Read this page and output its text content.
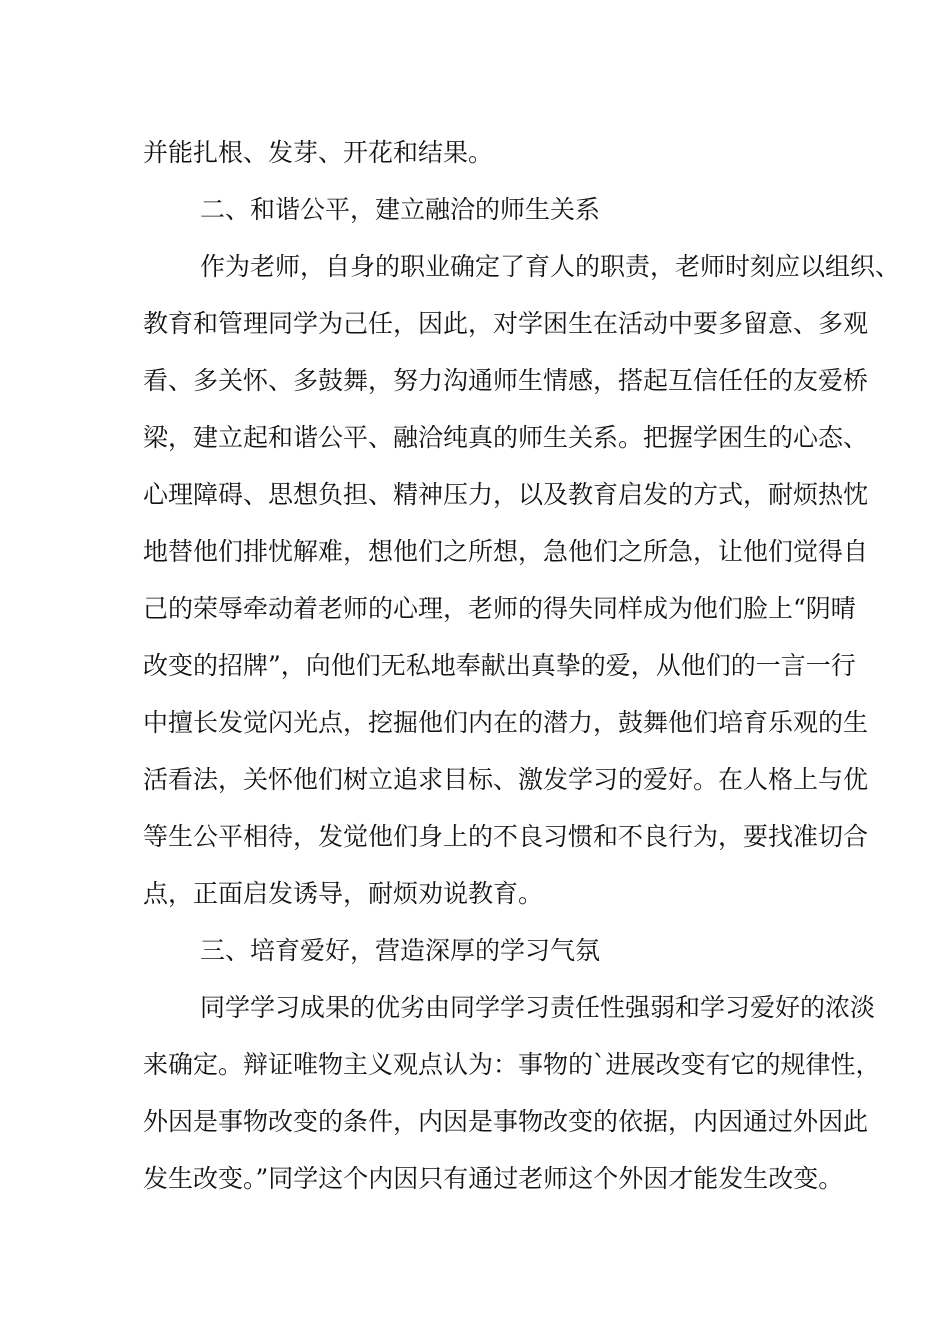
并能扎根、发芽、开花和结果。
二、和谐公平，建立融洽的师生关系
作为老师，自身的职业确定了育人的职责，老师时刻应以组织、
教育和管理同学为己任，因此，对学困生在活动中要多留意、多观
看、多关怀、多鼓舞，努力沟通师生情感，搭起互信任任的友爱桥
梁，建立起和谐公平、融洽纯真的师生关系。把握学困生的心态、
心理障碍、思想负担、精神压力，以及教育启发的方式，耐烦热忱
地替他们排忧解难，想他们之所想，急他们之所急，让他们觉得自
己的荣辱牵动着老师的心理，老师的得失同样成为他们脸上“阴晴
改变的招牌”，向他们无私地奉献出真挚的爱，从他们的一言一行
中擅长发觉闪光点，挖掘他们内在的潜力，鼓舞他们培育乐观的生
活看法，关怀他们树立追求目标、激发学习的爱好。在人格上与优
等生公平相待，发觉他们身上的不良习惯和不良行为，要找准切合
点，正面启发诱导，耐烦劝说教育。
三、培育爱好，营造深厚的学习气氛
同学学习成果的优劣由同学学习责任性强弱和学习爱好的浓淡
来确定。辩证唯物主义观点认为：事物的`进展改变有它的规律性，
外因是事物改变的条件，内因是事物改变的依据，内因通过外因此
发生改变。”同学这个内因只有通过老师这个外因才能发生改变。
